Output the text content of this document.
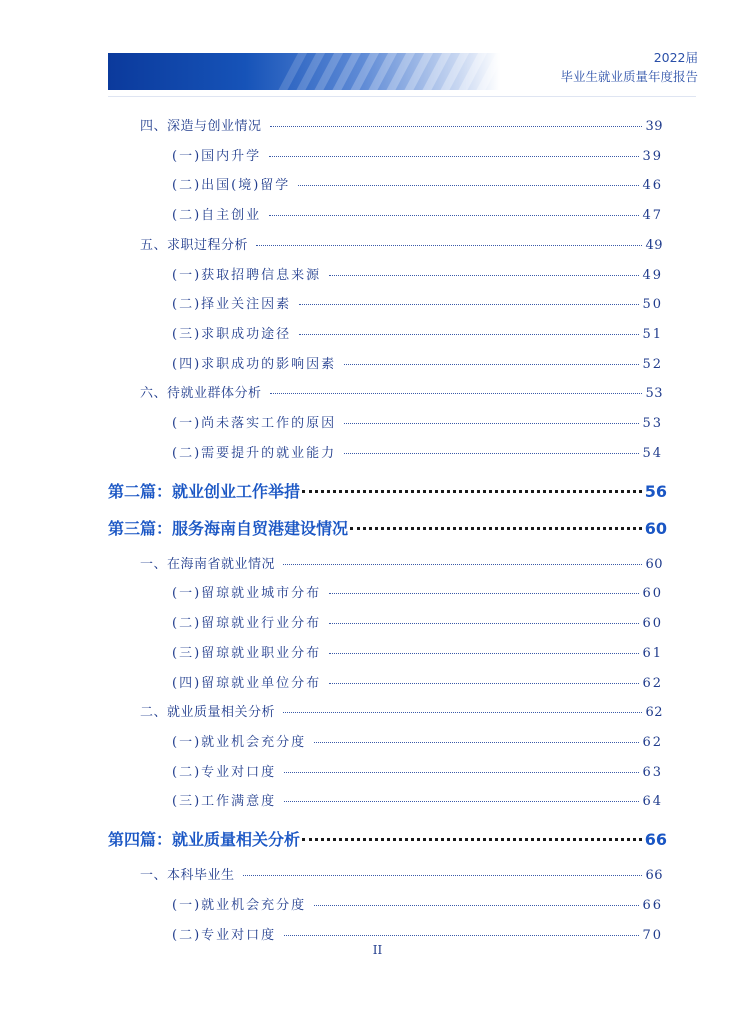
2022届
毕业生就业质量年度报告
四、深造与创业情况	39
(一)国内升学	39
(二)出国(境)留学	46
(二)自主创业	47
五、求职过程分析	49
(一)获取招聘信息来源	49
(二)择业关注因素	50
(三)求职成功途径	51
(四)求职成功的影响因素	52
六、待就业群体分析	53
(一)尚未落实工作的原因	53
(二)需要提升的就业能力	54
第二篇：就业创业工作举措	56
第三篇：服务海南自贸港建设情况	60
一、在海南省就业情况	60
(一)留琼就业城市分布	60
(二)留琼就业行业分布	60
(三)留琼就业职业分布	61
(四)留琼就业单位分布	62
二、就业质量相关分析	62
(一)就业机会充分度	62
(二)专业对口度	63
(三)工作满意度	64
第四篇：就业质量相关分析	66
一、本科毕业生	66
(一)就业机会充分度	66
(二)专业对口度	70
II
